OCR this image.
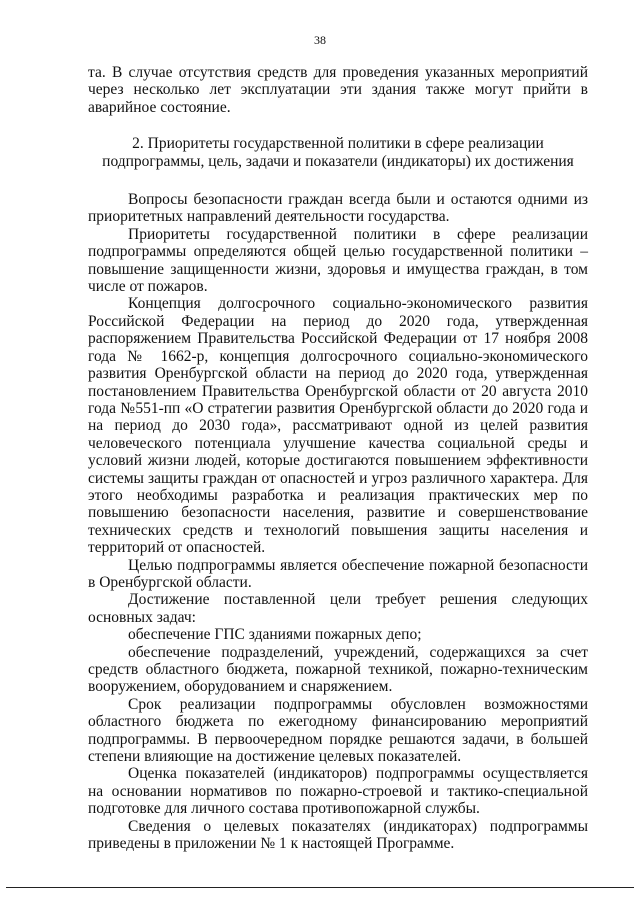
38

та. В случае отсутствия средств для проведения указанных мероприятий через несколько лет эксплуатации эти здания также могут прийти в аварийное состояние.

2. Приоритеты государственной политики в сфере реализации подпрограммы, цель, задачи и показатели (индикаторы) их достижения

Вопросы безопасности граждан всегда были и остаются одними из приоритетных направлений деятельности государства.

Приоритеты государственной политики в сфере реализации подпрограммы определяются общей целью государственной политики – повышение защищенности жизни, здоровья и имущества граждан, в том числе от пожаров.

Концепция долгосрочного социально-экономического развития Российской Федерации на период до 2020 года, утвержденная распоряжением Правительства Российской Федерации от 17 ноября 2008 года № 1662-р, концепция долгосрочного социально-экономического развития Оренбургской области на период до 2020 года, утвержденная постановлением Правительства Оренбургской области от 20 августа 2010 года №551-пп «О стратегии развития Оренбургской области до 2020 года и на период до 2030 года», рассматривают одной из целей развития человеческого потенциала улучшение качества социальной среды и условий жизни людей, которые достигаются повышением эффективности системы защиты граждан от опасностей и угроз различного характера. Для этого необходимы разработка и реализация практических мер по повышению безопасности населения, развитие и совершенствование технических средств и технологий повышения защиты населения и территорий от опасностей.

Целью подпрограммы является обеспечение пожарной безопасности в Оренбургской области.

Достижение поставленной цели требует решения следующих основных задач:

обеспечение ГПС зданиями пожарных депо;

обеспечение подразделений, учреждений, содержащихся за счет средств областного бюджета, пожарной техникой, пожарно-техническим вооружением, оборудованием и снаряжением.

Срок реализации подпрограммы обусловлен возможностями областного бюджета по ежегодному финансированию мероприятий подпрограммы. В первоочередном порядке решаются задачи, в большей степени влияющие на достижение целевых показателей.

Оценка показателей (индикаторов) подпрограммы осуществляется на основании нормативов по пожарно-строевой и тактико-специальной подготовке для личного состава противопожарной службы.

Сведения о целевых показателях (индикаторах) подпрограммы приведены в приложении № 1 к настоящей Программе.
